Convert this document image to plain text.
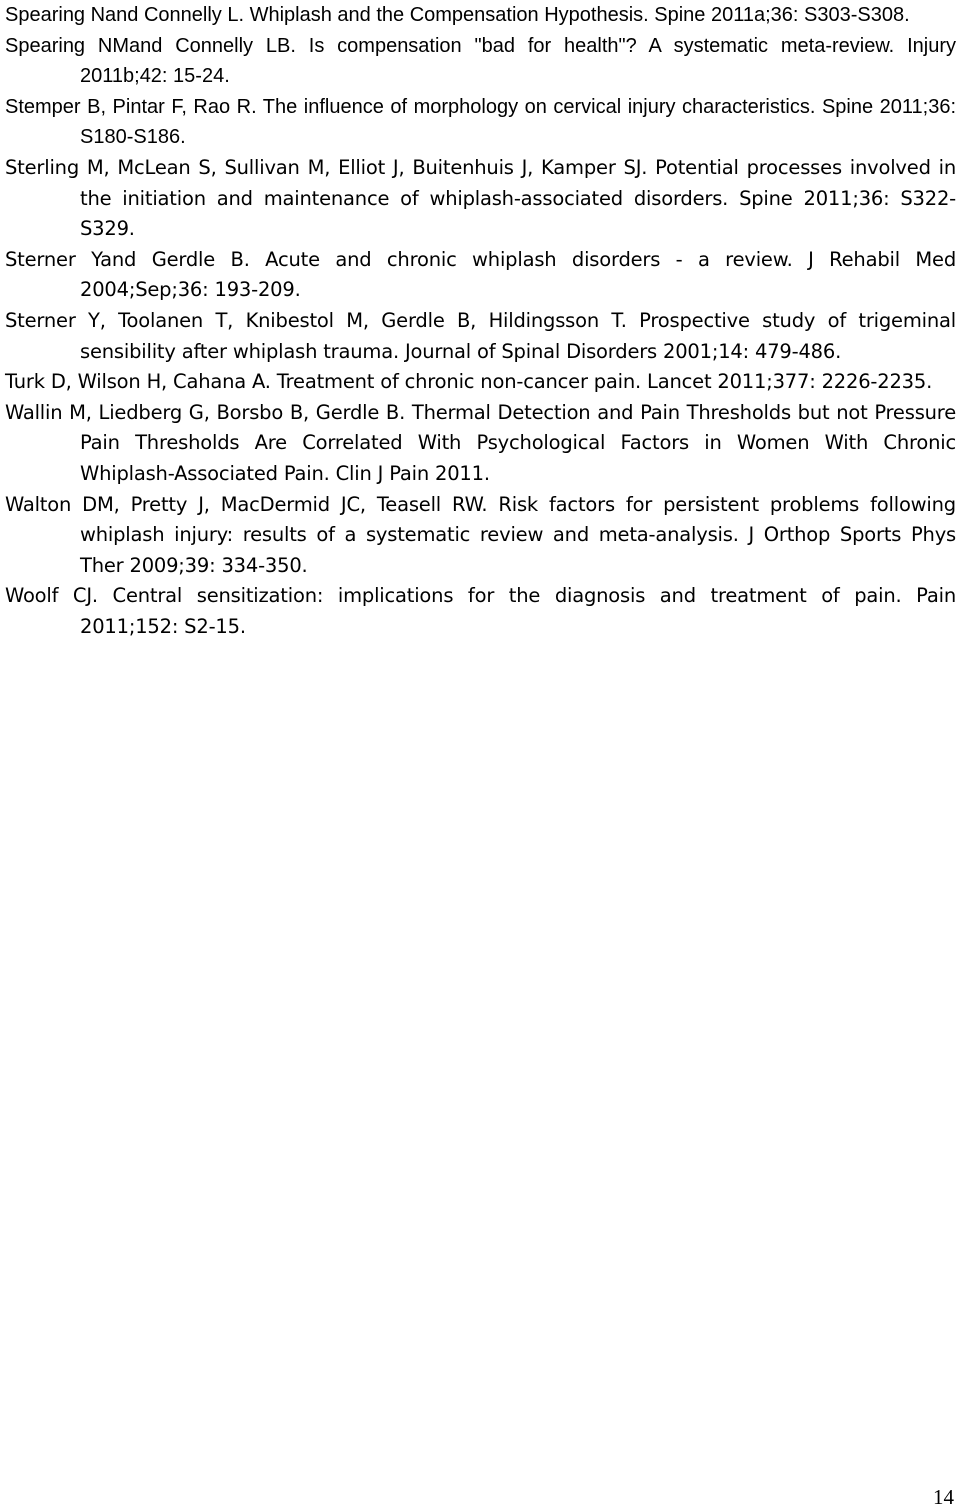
Spearing Nand Connelly L. Whiplash and the Compensation Hypothesis. Spine 2011a;36: S303-S308.
Spearing NMand Connelly LB. Is compensation "bad for health"? A systematic meta-review. Injury 2011b;42: 15-24.
Stemper B, Pintar F, Rao R. The influence of morphology on cervical injury characteristics. Spine 2011;36: S180-S186.
Sterling M, McLean S, Sullivan M, Elliot J, Buitenhuis J, Kamper SJ. Potential processes involved in the initiation and maintenance of whiplash-associated disorders. Spine 2011;36: S322-S329.
Sterner Yand Gerdle B. Acute and chronic whiplash disorders - a review. J Rehabil Med 2004;Sep;36: 193-209.
Sterner Y, Toolanen T, Knibestol M, Gerdle B, Hildingsson T. Prospective study of trigeminal sensibility after whiplash trauma. Journal of Spinal Disorders 2001;14: 479-486.
Turk D, Wilson H, Cahana A. Treatment of chronic non-cancer pain. Lancet 2011;377: 2226-2235.
Wallin M, Liedberg G, Borsbo B, Gerdle B. Thermal Detection and Pain Thresholds but not Pressure Pain Thresholds Are Correlated With Psychological Factors in Women With Chronic Whiplash-Associated Pain. Clin J Pain 2011.
Walton DM, Pretty J, MacDermid JC, Teasell RW. Risk factors for persistent problems following whiplash injury: results of a systematic review and meta-analysis. J Orthop Sports Phys Ther 2009;39: 334-350.
Woolf CJ. Central sensitization: implications for the diagnosis and treatment of pain. Pain 2011;152: S2-15.
14
